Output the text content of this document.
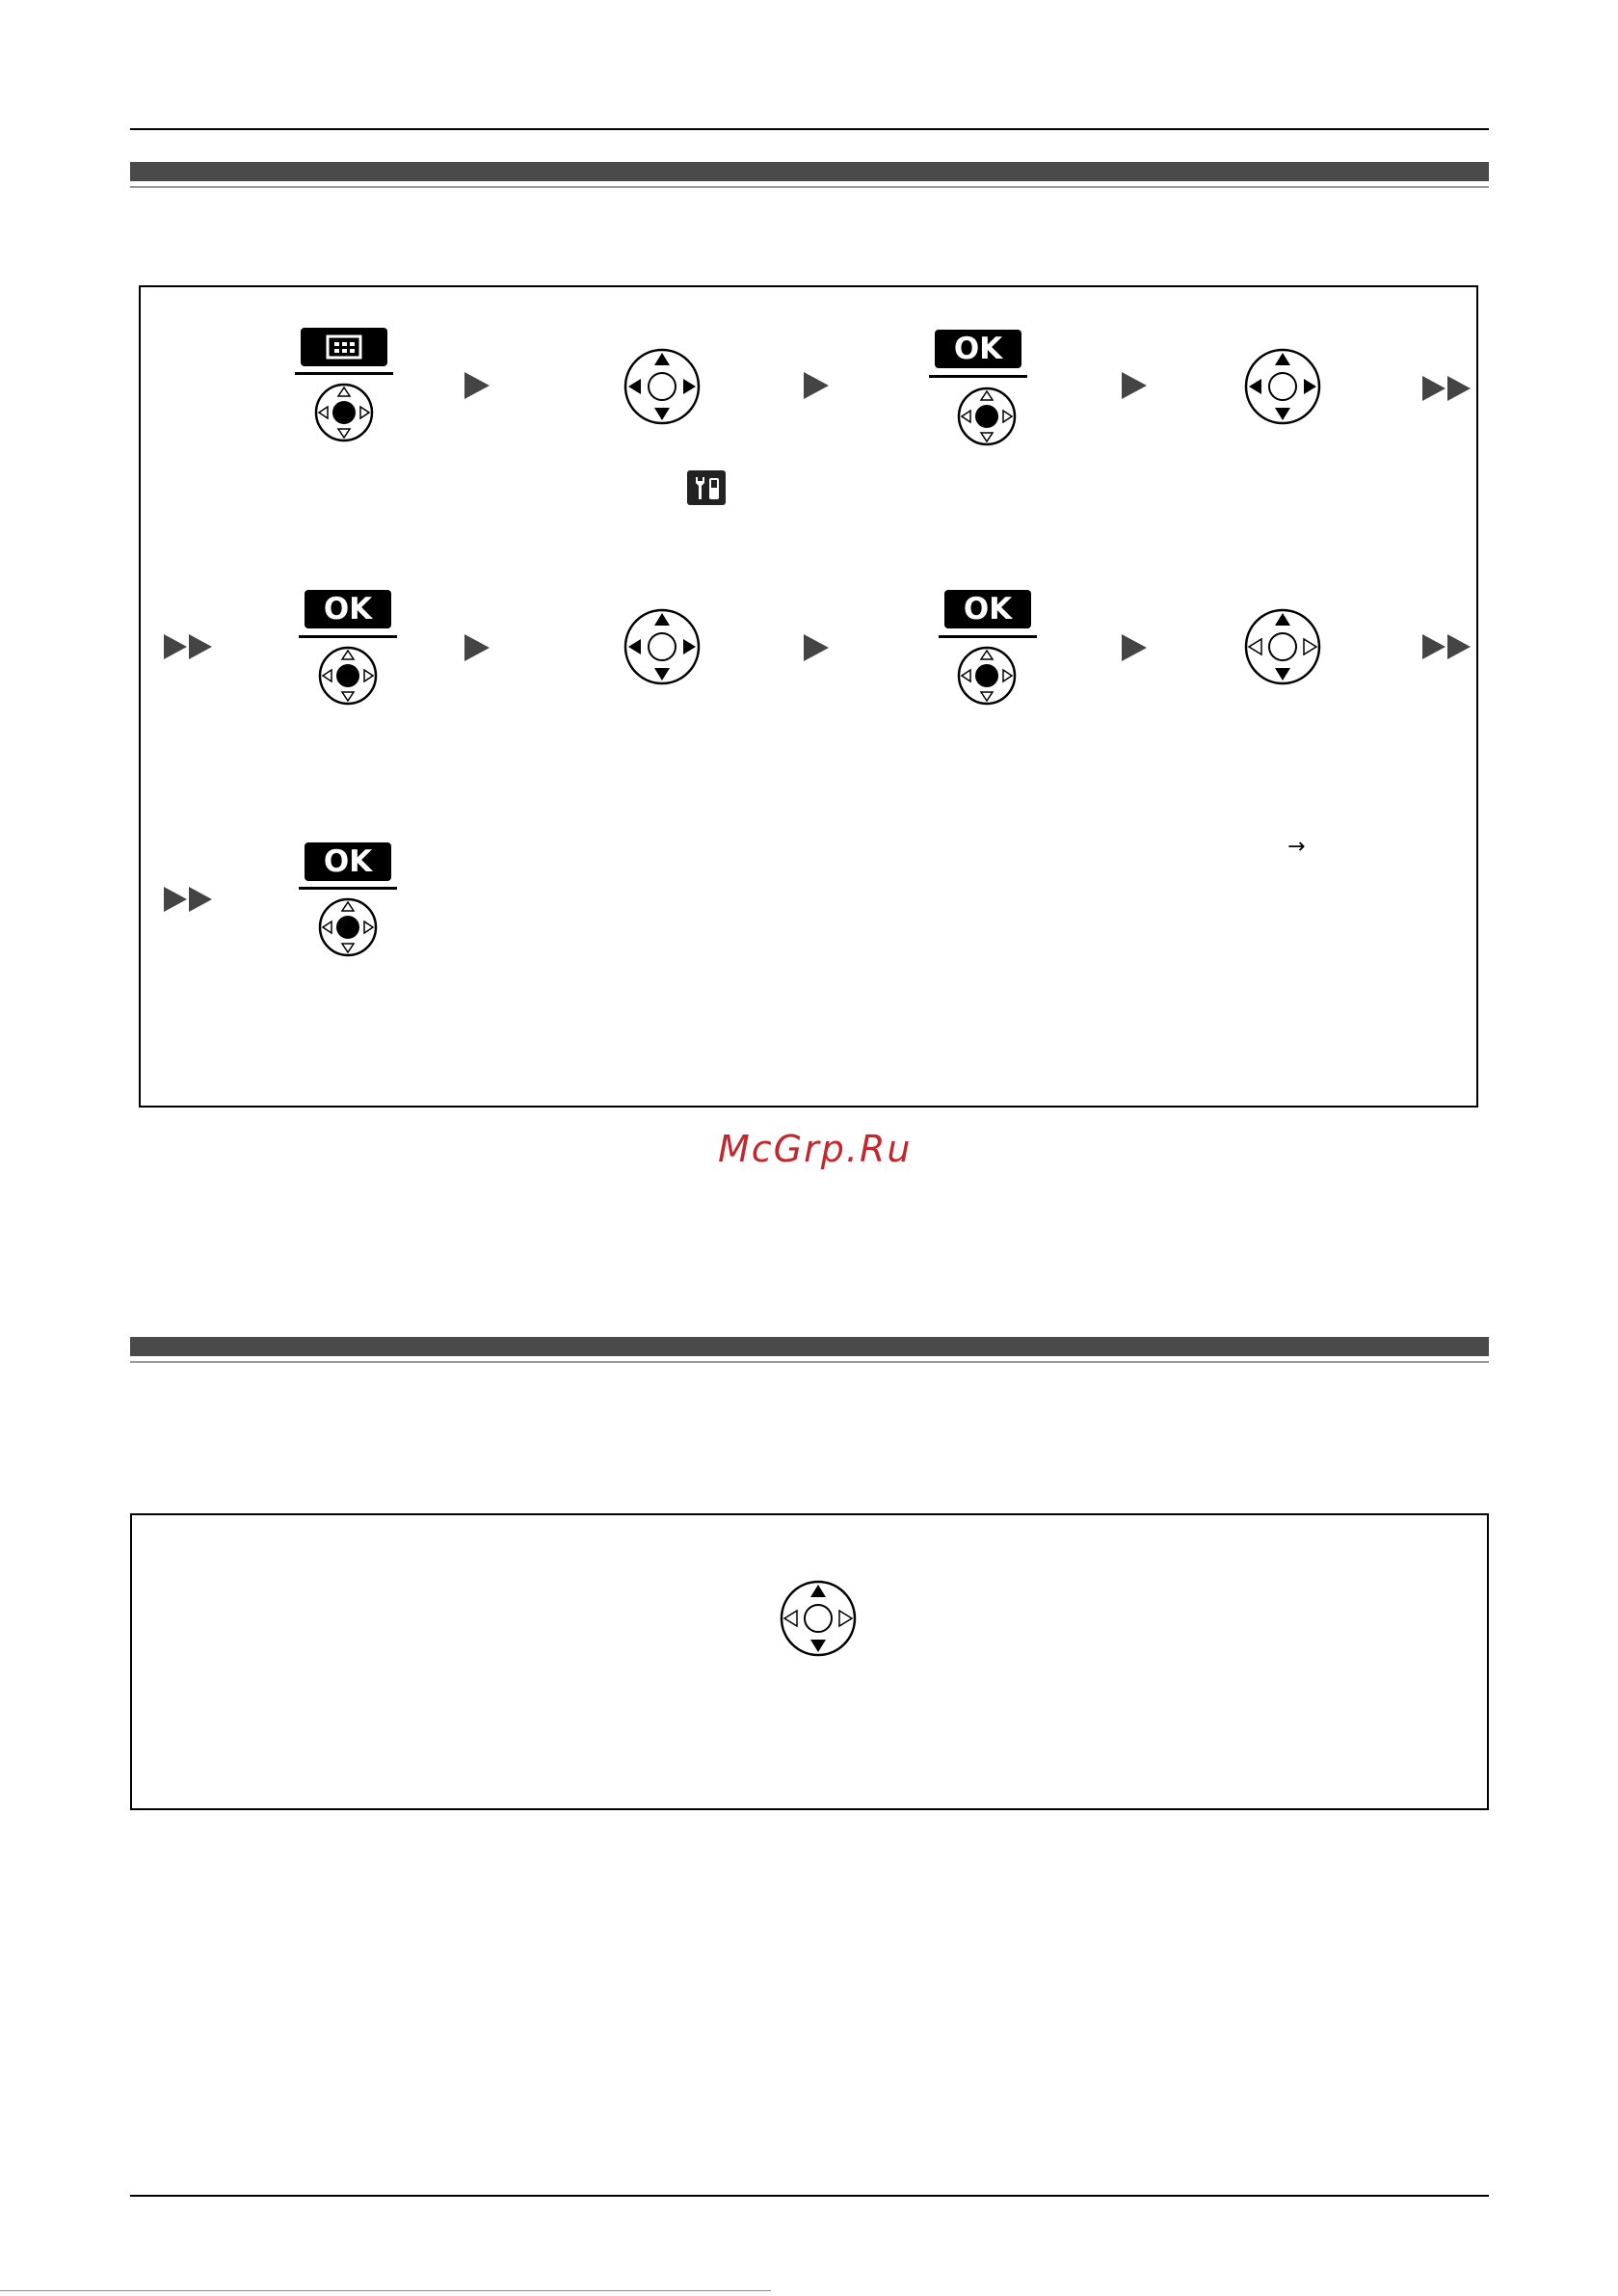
OK
OK	OK
OK	→
McGrp.Ru
